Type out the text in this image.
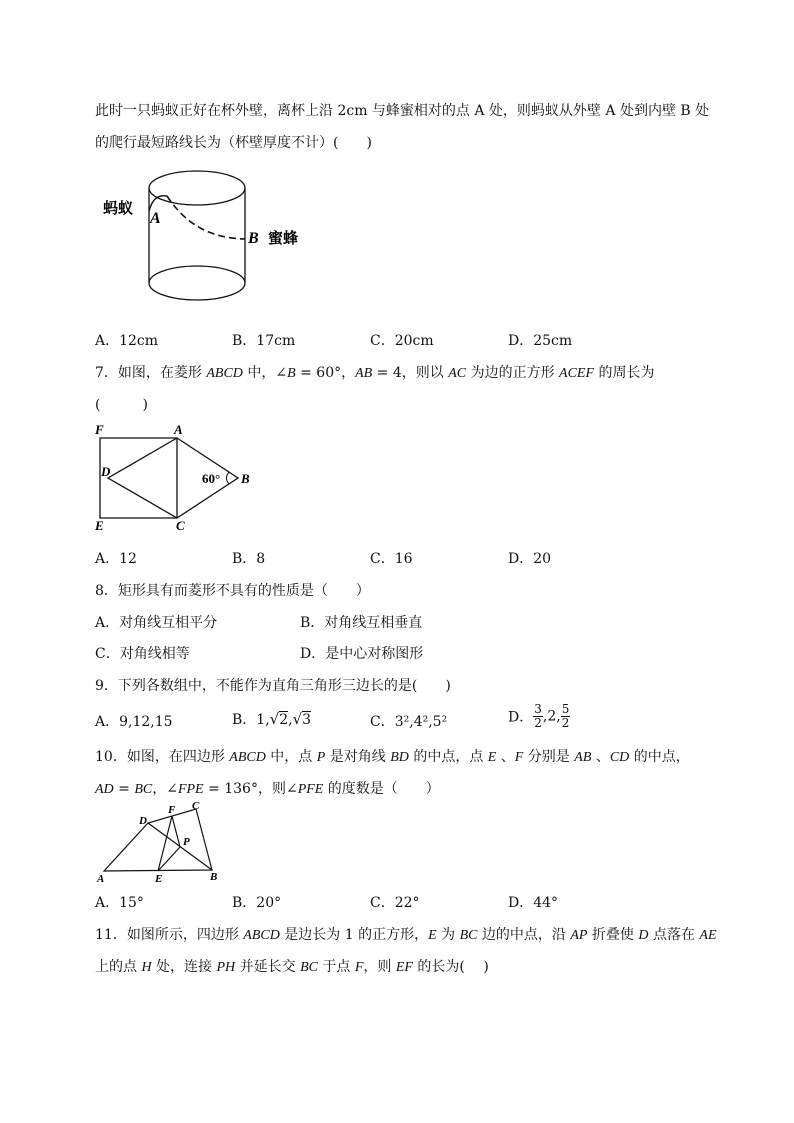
此时一只蚂蚁正好在杯外壁，离杯上沿 2cm 与蜂蜜相对的点 A 处，则蚂蚁从外壁 A 处到内壁 B 处
的爬行最短路线长为（杯壁厚度不计）(　　)
蚂蚁
A
B 蜜蜂
A．12cm	B．17cm	C．20cm	D．25cm
7．如图，在菱形 ABCD 中，∠B = 60°，AB = 4，则以 AC 为边的正方形 ACEF 的周长为
(　　　)
F	A
D	B
E	C
60°
A．12	B．8	C．16	D．20
8．矩形具有而菱形不具有的性质是（　　）
A．对角线互相平分	B．对角线互相垂直
C．对角线相等	D．是中心对称图形
9．下列各数组中，不能作为直角三角形三边长的是(　　)
A．9,12,15	B．1,√2,√3	C．3²,4²,5²	D． $\frac{3}{2} ,2$, $\frac{5}{2}$
10．如图，在四边形 ABCD 中，点 P 是对角线 BD 的中点，点 E 、F 分别是 AB 、CD 的中点，
AD = BC，∠FPE = 136°，则∠PFE 的度数是（　　）
D
F C
P
A	E	B
A．15°	B．20°	C．22°	D．44°
11．如图所示，四边形 ABCD 是边长为 1 的正方形，E 为 BC 边的中点，沿 AP 折叠使 D 点落在 AE
上的点 H 处，连接 PH 并延长交 BC 于点 F，则 EF 的长为(　 )
